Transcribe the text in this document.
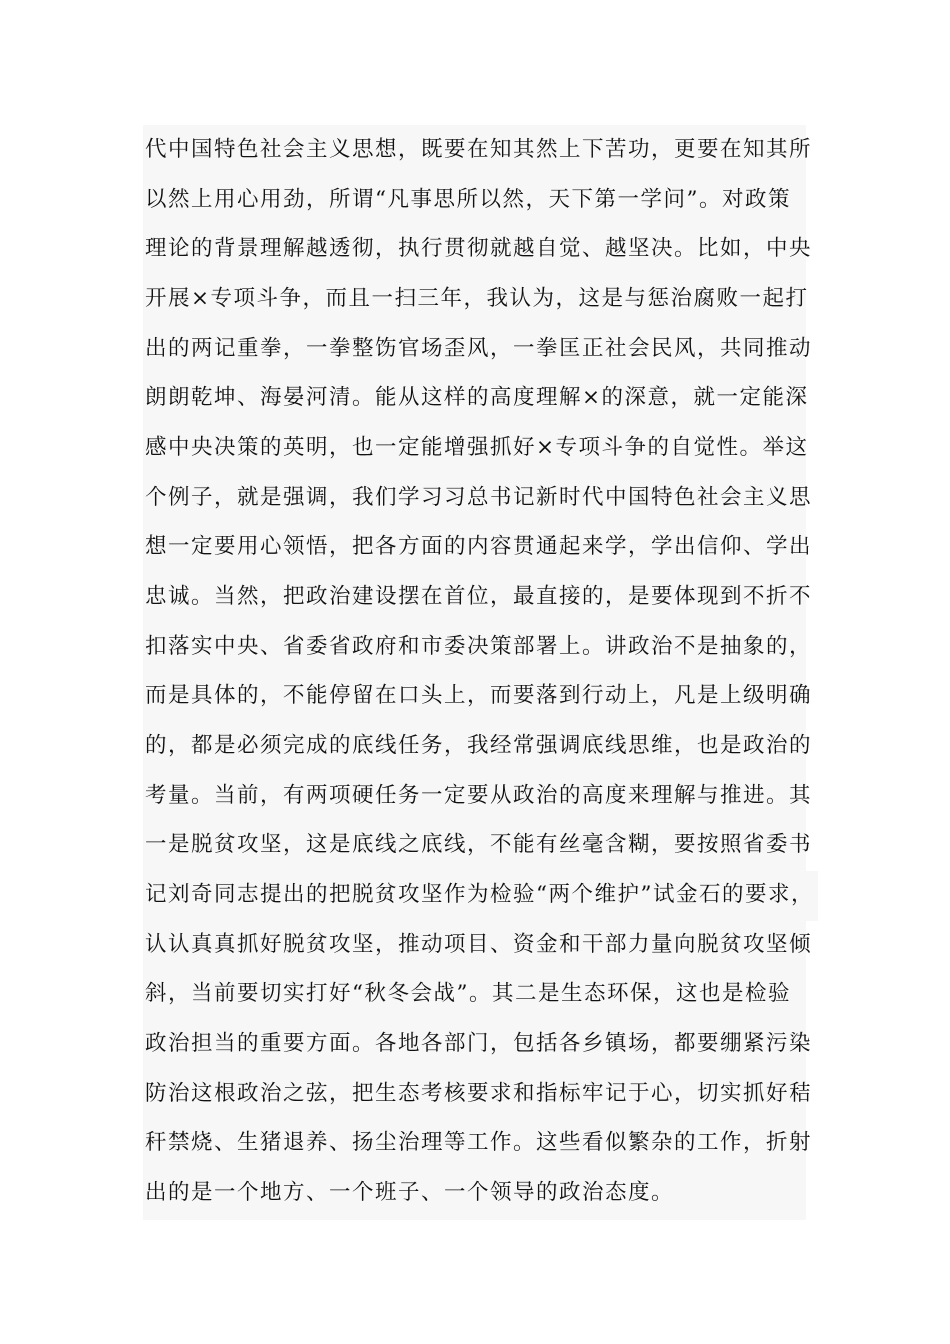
代中国特色社会主义思想，既要在知其然上下苦功，更要在知其所
以然上用心用劲，所谓“凡事思所以然，天下第一学问”。对政策
理论的背景理解越透彻，执行贯彻就越自觉、越坚决。比如，中央
开展×专项斗争，而且一扫三年，我认为，这是与惩治腐败一起打
出的两记重拳，一拳整饬官场歪风，一拳匡正社会民风，共同推动
朗朗乾坤、海晏河清。能从这样的高度理解×的深意，就一定能深
感中央决策的英明，也一定能增强抓好×专项斗争的自觉性。举这
个例子，就是强调，我们学习习总书记新时代中国特色社会主义思
想一定要用心领悟，把各方面的内容贯通起来学，学出信仰、学出
忠诚。当然，把政治建设摆在首位，最直接的，是要体现到不折不
扣落实中央、省委省政府和市委决策部署上。讲政治不是抽象的，
而是具体的，不能停留在口头上，而要落到行动上，凡是上级明确
的，都是必须完成的底线任务，我经常强调底线思维，也是政治的
考量。当前，有两项硬任务一定要从政治的高度来理解与推进。其
一是脱贫攻坚，这是底线之底线，不能有丝毫含糊，要按照省委书
记刘奇同志提出的把脱贫攻坚作为检验“两个维护”试金石的要求，
认认真真抓好脱贫攻坚，推动项目、资金和干部力量向脱贫攻坚倾
斜，当前要切实打好“秋冬会战”。其二是生态环保，这也是检验
政治担当的重要方面。各地各部门，包括各乡镇场，都要绷紧污染
防治这根政治之弦，把生态考核要求和指标牢记于心，切实抓好秸
秆禁烧、生猪退养、扬尘治理等工作。这些看似繁杂的工作，折射
出的是一个地方、一个班子、一个领导的政治态度。
